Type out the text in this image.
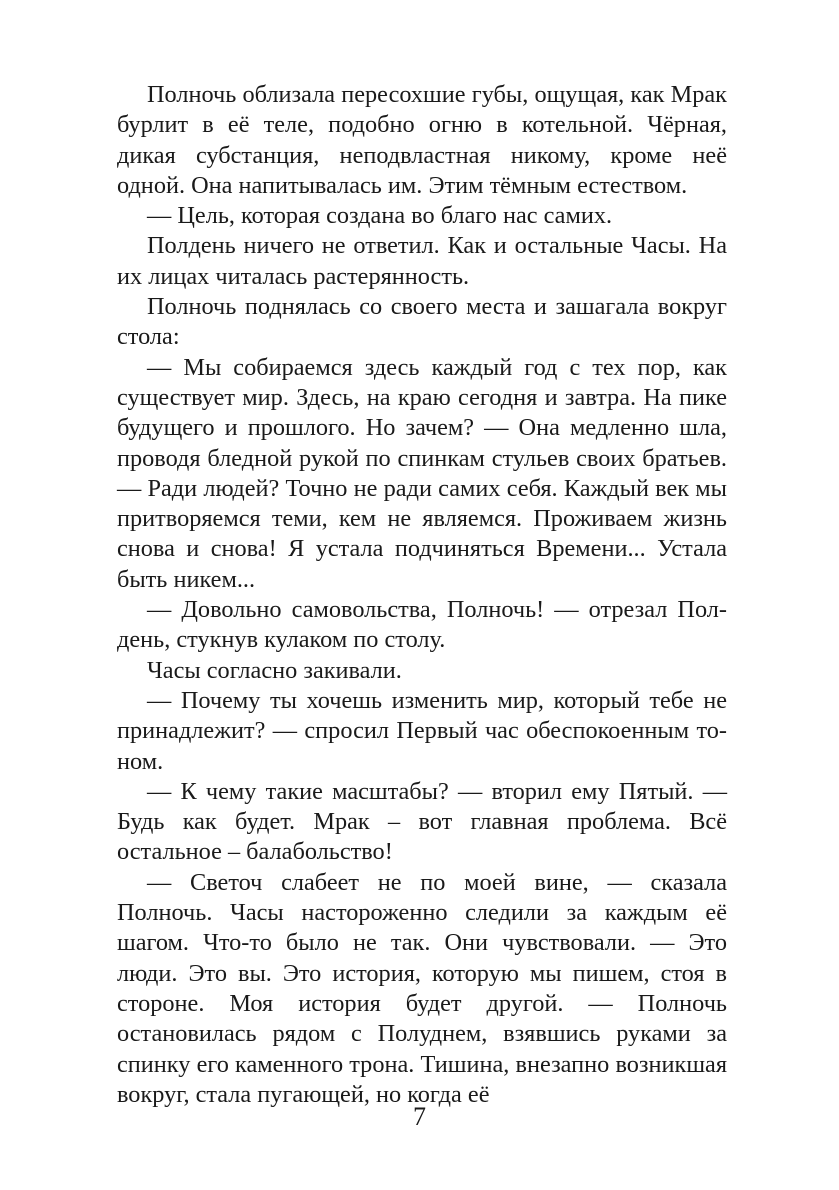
Полночь облизала пересохшие губы, ощущая, как Мрак бурлит в её теле, подобно огню в котельной. Чёрная, дикая субстанция, неподвластная никому, кроме неё одной. Она напитывалась им. Этим тёмным естеством.

— Цель, которая создана во благо нас самих.

Полдень ничего не ответил. Как и остальные Часы. На их лицах читалась растерянность.

Полночь поднялась со своего места и зашагала вокруг стола:

— Мы собираемся здесь каждый год с тех пор, как существует мир. Здесь, на краю сегодня и завтра. На пике будущего и прошлого. Но зачем? — Она медленно шла, проводя бледной рукой по спинкам стульев своих братьев. — Ради людей? Точно не ради самих себя. Каждый век мы притворяемся теми, кем не являемся. Проживаем жизнь снова и снова! Я устала подчиняться Времени... Устала быть никем...

— Довольно самовольства, Полночь! — отрезал Полдень, стукнув кулаком по столу.

Часы согласно закивали.

— Почему ты хочешь изменить мир, который тебе не принадлежит? — спросил Первый час обеспокоенным тоном.

— К чему такие масштабы? — вторил ему Пятый. — Будь как будет. Мрак – вот главная проблема. Всё остальное – балабольство!

— Светоч слабеет не по моей вине, — сказала Полночь. Часы настороженно следили за каждым её шагом. Что-то было не так. Они чувствовали. — Это люди. Это вы. Это история, которую мы пишем, стоя в стороне. Моя история будет другой. — Полночь остановилась рядом с Полуднем, взявшись руками за спинку его каменного трона. Тишина, внезапно возникшая вокруг, стала пугающей, но когда её

7
